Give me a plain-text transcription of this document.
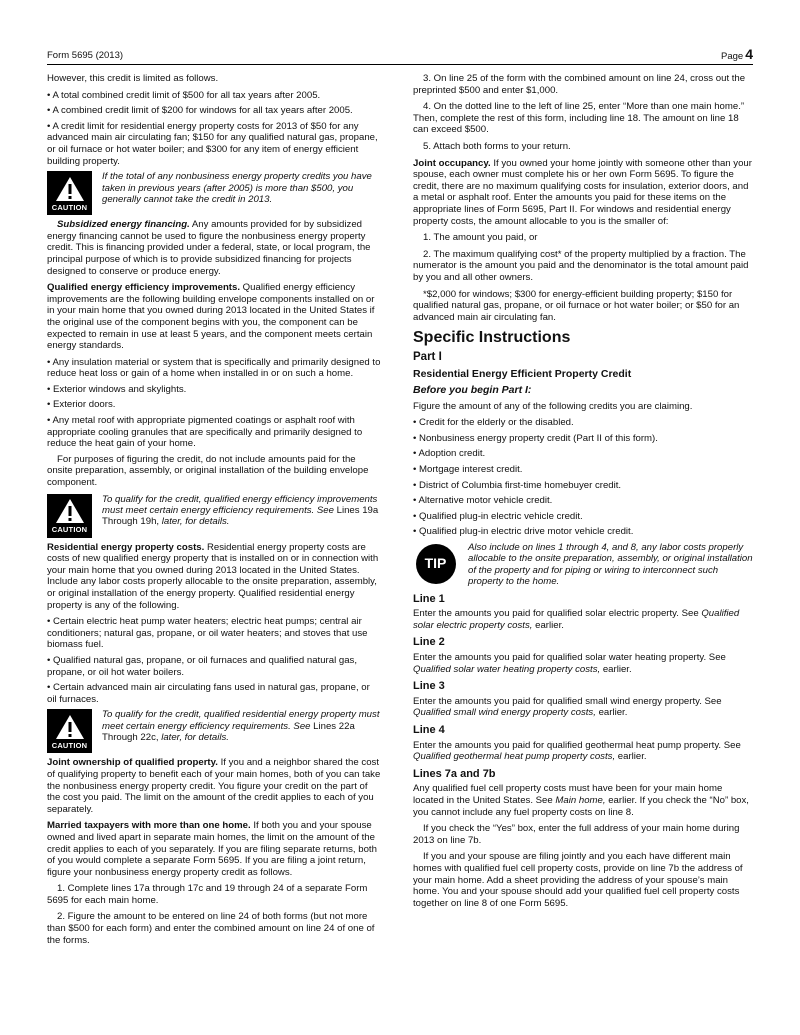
Form 5695 (2013)	Page 4

However, this credit is limited as follows.

• A total combined credit limit of $500 for all tax years after 2005.

• A combined credit limit of $200 for windows for all tax years after 2005.

• A credit limit for residential energy property costs for 2013 of $50 for any advanced main air circulating fan; $150 for any qualified natural gas, propane, or oil furnace or hot water boiler; and $300 for any item of energy efficient building property.

CAUTION
If the total of any nonbusiness energy property credits you have taken in previous years (after 2005) is more than $500, you generally cannot take the credit in 2013.

Subsidized energy financing. Any amounts provided for by subsidized energy financing cannot be used to figure the nonbusiness energy property credit. This is financing provided under a federal, state, or local program, the principal purpose of which is to provide subsidized financing for projects designed to conserve or produce energy.

Qualified energy efficiency improvements. Qualified energy efficiency improvements are the following building envelope components installed on or in your main home that you owned during 2013 located in the United States if the original use of the component begins with you, the component can be expected to remain in use at least 5 years, and the component meets certain energy standards.

• Any insulation material or system that is specifically and primarily designed to reduce heat loss or gain of a home when installed in or on such a home.

• Exterior windows and skylights.

• Exterior doors.

• Any metal roof with appropriate pigmented coatings or asphalt roof with appropriate cooling granules that are specifically and primarily designed to reduce the heat gain of your home.

For purposes of figuring the credit, do not include amounts paid for the onsite preparation, assembly, or original installation of the building envelope component.

CAUTION
To qualify for the credit, qualified energy efficiency improvements must meet certain energy efficiency requirements. See Lines 19a Through 19h, later, for details.

Residential energy property costs. Residential energy property costs are costs of new qualified energy property that is installed on or in connection with your main home that you owned during 2013 located in the United States. Include any labor costs properly allocable to the onsite preparation, assembly, or original installation of the energy property. Qualified residential energy property is any of the following.

• Certain electric heat pump water heaters; electric heat pumps; central air conditioners; natural gas, propane, or oil water heaters; and stoves that use biomass fuel.

• Qualified natural gas, propane, or oil furnaces and qualified natural gas, propane, or oil hot water boilers.

• Certain advanced main air circulating fans used in natural gas, propane, or oil furnaces.

CAUTION
To qualify for the credit, qualified residential energy property must meet certain energy efficiency requirements. See Lines 22a Through 22c, later, for details.

Joint ownership of qualified property. If you and a neighbor shared the cost of qualifying property to benefit each of your main homes, both of you can take the nonbusiness energy property credit. You figure your credit on the part of the cost you paid. The limit on the amount of the credit applies to each of you separately.

Married taxpayers with more than one home. If both you and your spouse owned and lived apart in separate main homes, the limit on the amount of the credit applies to each of you separately. If you are filing separate returns, both of you would complete a separate Form 5695. If you are filing a joint return, figure your nonbusiness energy property credit as follows.

1. Complete lines 17a through 17c and 19 through 24 of a separate Form 5695 for each main home.

2. Figure the amount to be entered on line 24 of both forms (but not more than $500 for each form) and enter the combined amount on line 24 of one of the forms.

3. On line 25 of the form with the combined amount on line 24, cross out the preprinted $500 and enter $1,000.

4. On the dotted line to the left of line 25, enter “More than one main home.” Then, complete the rest of this form, including line 18. The amount on line 18 can exceed $500.

5. Attach both forms to your return.

Joint occupancy. If you owned your home jointly with someone other than your spouse, each owner must complete his or her own Form 5695. To figure the credit, there are no maximum qualifying costs for insulation, exterior doors, and a metal or asphalt roof. Enter the amounts you paid for these items on the appropriate lines of Form 5695, Part II. For windows and residential energy property costs, the amount allocable to you is the smaller of:

1. The amount you paid, or

2. The maximum qualifying cost* of the property multiplied by a fraction. The numerator is the amount you paid and the denominator is the total amount paid by you and all other owners.

*$2,000 for windows; $300 for energy-efficient building property; $150 for qualified natural gas, propane, or oil furnace or hot water boiler; or $50 for an advanced main air circulating fan.

Specific Instructions
Part I
Residential Energy Efficient Property Credit
Before you begin Part I:

Figure the amount of any of the following credits you are claiming.

• Credit for the elderly or the disabled.

• Nonbusiness energy property credit (Part II of this form).

• Adoption credit.

• Mortgage interest credit.

• District of Columbia first-time homebuyer credit.

• Alternative motor vehicle credit.

• Qualified plug-in electric vehicle credit.

• Qualified plug-in electric drive motor vehicle credit.

TIP
Also include on lines 1 through 4, and 8, any labor costs properly allocable to the onsite preparation, assembly, or original installation of the property and for piping or wiring to interconnect such property to the home.
Line 1

Enter the amounts you paid for qualified solar electric property. See Qualified solar electric property costs, earlier.

Line 2

Enter the amounts you paid for qualified solar water heating property. See Qualified solar water heating property costs, earlier.

Line 3

Enter the amounts you paid for qualified small wind energy property. See Qualified small wind energy property costs, earlier.

Line 4

Enter the amounts you paid for qualified geothermal heat pump property. See Qualified geothermal heat pump property costs, earlier.

Lines 7a and 7b

Any qualified fuel cell property costs must have been for your main home located in the United States. See Main home, earlier. If you check the “No” box, you cannot include any fuel property costs on line 8.

If you check the “Yes” box, enter the full address of your main home during 2013 on line 7b.

If you and your spouse are filing jointly and you each have different main homes with qualified fuel cell property costs, provide on line 7b the address of your main home. Add a sheet providing the address of your spouse’s main home. You and your spouse should add your qualified fuel cell property costs together on line 8 of one Form 5695.
